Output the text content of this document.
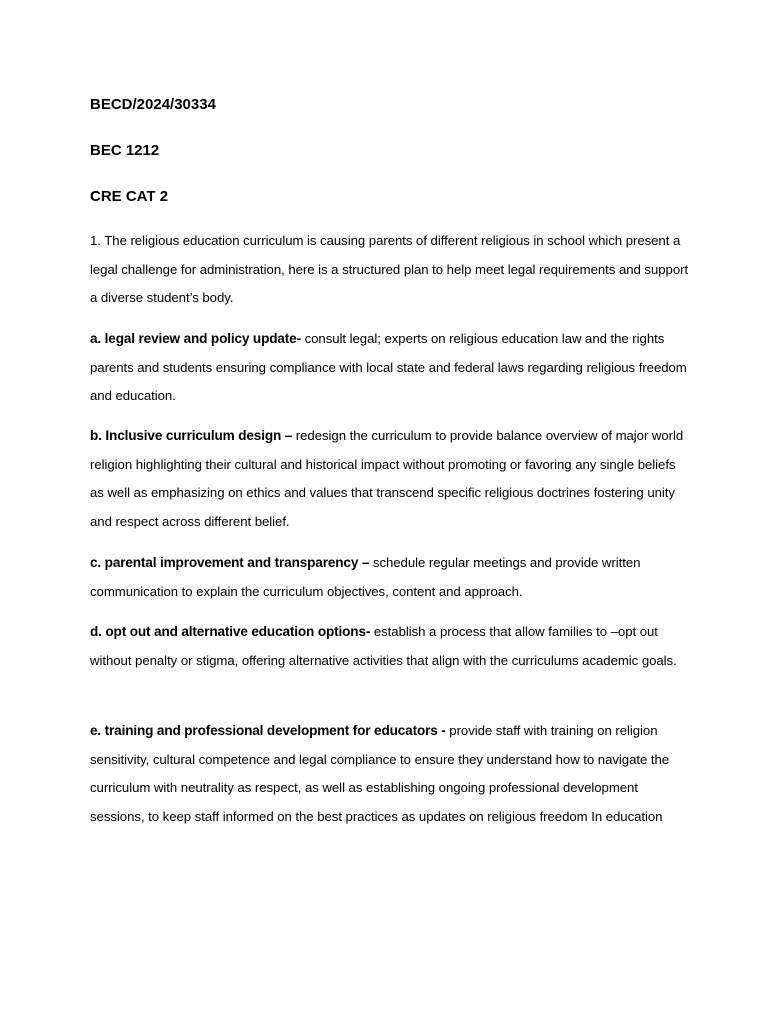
BECD/2024/30334
BEC 1212
CRE CAT 2

1. The religious education curriculum is causing parents of different religious in school which present a legal challenge for administration, here is a structured plan to help meet legal requirements and support a diverse student’s body.

a. legal review and policy update- consult legal; experts on religious education law and the rights parents and students ensuring compliance with local state and federal laws regarding religious freedom and education.

b. Inclusive curriculum design – redesign the curriculum to provide balance overview of major world religion highlighting their cultural and historical impact without promoting or favoring any single beliefs as well as emphasizing on ethics and values that transcend specific religious doctrines fostering unity and respect across different belief.

c. parental improvement and transparency – schedule regular meetings and provide written communication to explain the curriculum objectives, content and approach.

d. opt out and alternative education options- establish a process that allow families to –opt out without penalty or stigma, offering alternative activities that align with the curriculums academic goals.

e. training and professional development for educators - provide staff with training on religion sensitivity, cultural competence and legal compliance to ensure they understand how to navigate the curriculum with neutrality as respect, as well as establishing ongoing professional development sessions, to keep staff informed on the best practices as updates on religious freedom In education
